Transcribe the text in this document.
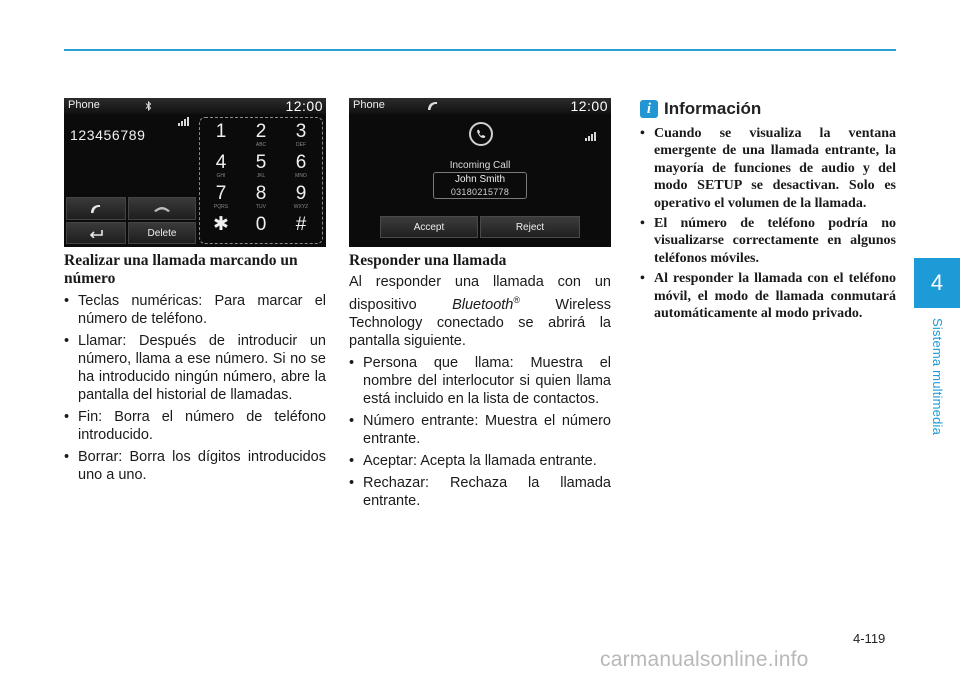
4
Sistema multimedia
Phone	12:00
123456789	1	2
ABC
3
DEF
4
GHI
5
JKL
6
MNO
7
PQRS
8
TUV
9
WXYZ
✱	0	#
Delete
Phone	12:00
Incoming Call
John Smith
03180215778
Accept	Reject
Realizar una llamada marcando un número
• Teclas numéricas: Para marcar el número de teléfono.
• Llamar: Después de introducir un número, llama a ese número. Si no se ha introducido ningún número, abre la pantalla del historial de llamadas.
• Fin: Borra el número de teléfono introducido.
• Borrar: Borra los dígitos introducidos uno a uno.
Responder una llamada

Al responder una llamada con un dispositivo Bluetooth® Wireless Technology conectado se abrirá la pantalla siguiente.

• Persona que llama: Muestra el nombre del interlocutor si quien llama está incluido en la lista de contactos.
• Número entrante: Muestra el número entrante.
• Aceptar: Acepta la llamada entrante.
• Rechazar: Rechaza la llamada entrante.
i Información
• Cuando se visualiza la ventana emergente de una llamada entrante, la mayoría de funciones de audio y del modo SETUP se desactivan. Solo es operativo el volumen de la llamada.
• El número de teléfono podría no visualizarse correctamente en algunos teléfonos móviles.
• Al responder la llamada con el teléfono móvil, el modo de llamada conmutará automáticamente al modo privado.
4-119
carmanualsonline.info
